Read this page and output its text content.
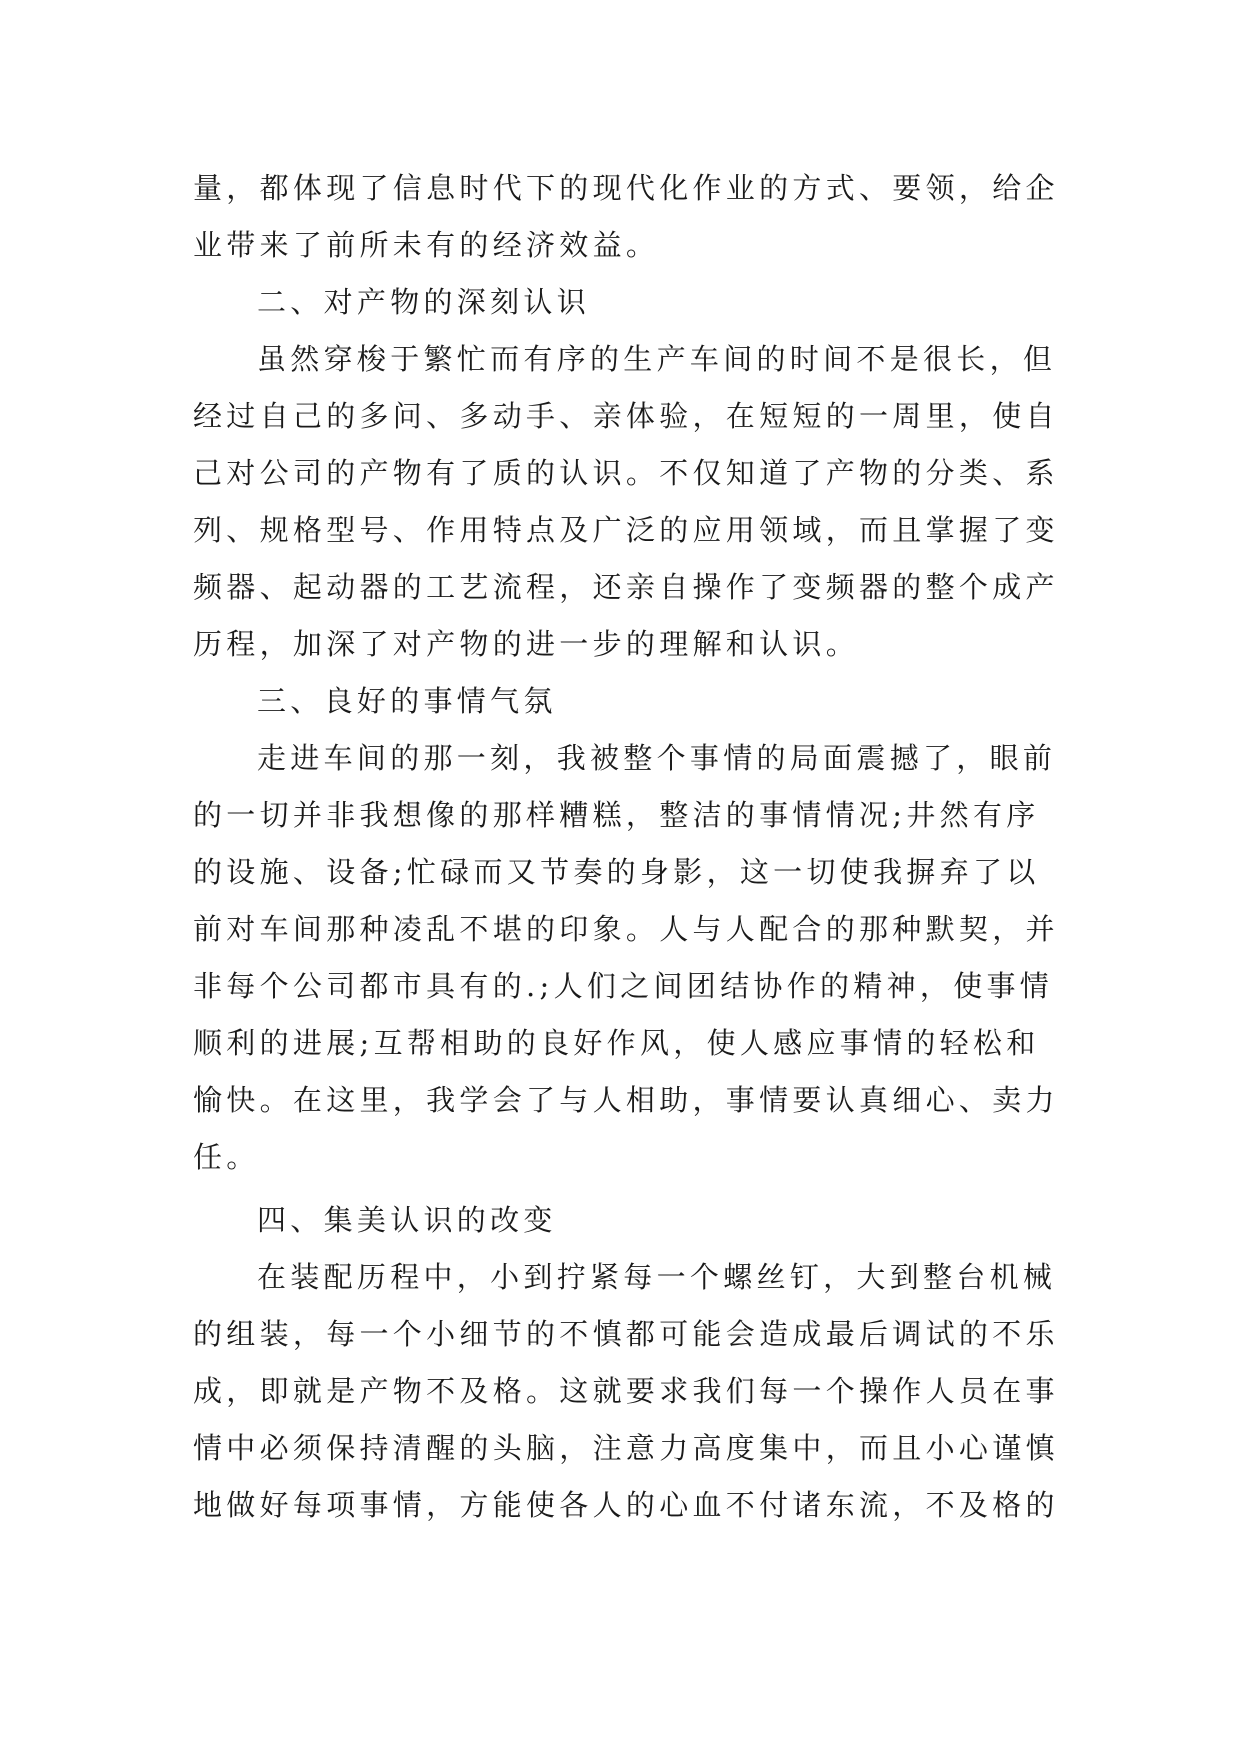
量，都体现了信息时代下的现代化作业的方式、要领，给企
业带来了前所未有的经济效益。
二、对产物的深刻认识
虽然穿梭于繁忙而有序的生产车间的时间不是很长，但
经过自己的多问、多动手、亲体验，在短短的一周里，使自
己对公司的产物有了质的认识。不仅知道了产物的分类、系
列、规格型号、作用特点及广泛的应用领域，而且掌握了变
频器、起动器的工艺流程，还亲自操作了变频器的整个成产
历程，加深了对产物的进一步的理解和认识。
三、良好的事情气氛
走进车间的那一刻，我被整个事情的局面震撼了，眼前
的一切并非我想像的那样糟糕，整洁的事情情况;井然有序
的设施、设备;忙碌而又节奏的身影，这一切使我摒弃了以
前对车间那种凌乱不堪的印象。人与人配合的那种默契，并
非每个公司都市具有的.;人们之间团结协作的精神，使事情
顺利的进展;互帮相助的良好作风，使人感应事情的轻松和
愉快。在这里，我学会了与人相助，事情要认真细心、卖力
任。
四、集美认识的改变
在装配历程中，小到拧紧每一个螺丝钉，大到整台机械
的组装，每一个小细节的不慎都可能会造成最后调试的不乐
成，即就是产物不及格。这就要求我们每一个操作人员在事
情中必须保持清醒的头脑，注意力高度集中，而且小心谨慎
地做好每项事情，方能使各人的心血不付诸东流，不及格的
